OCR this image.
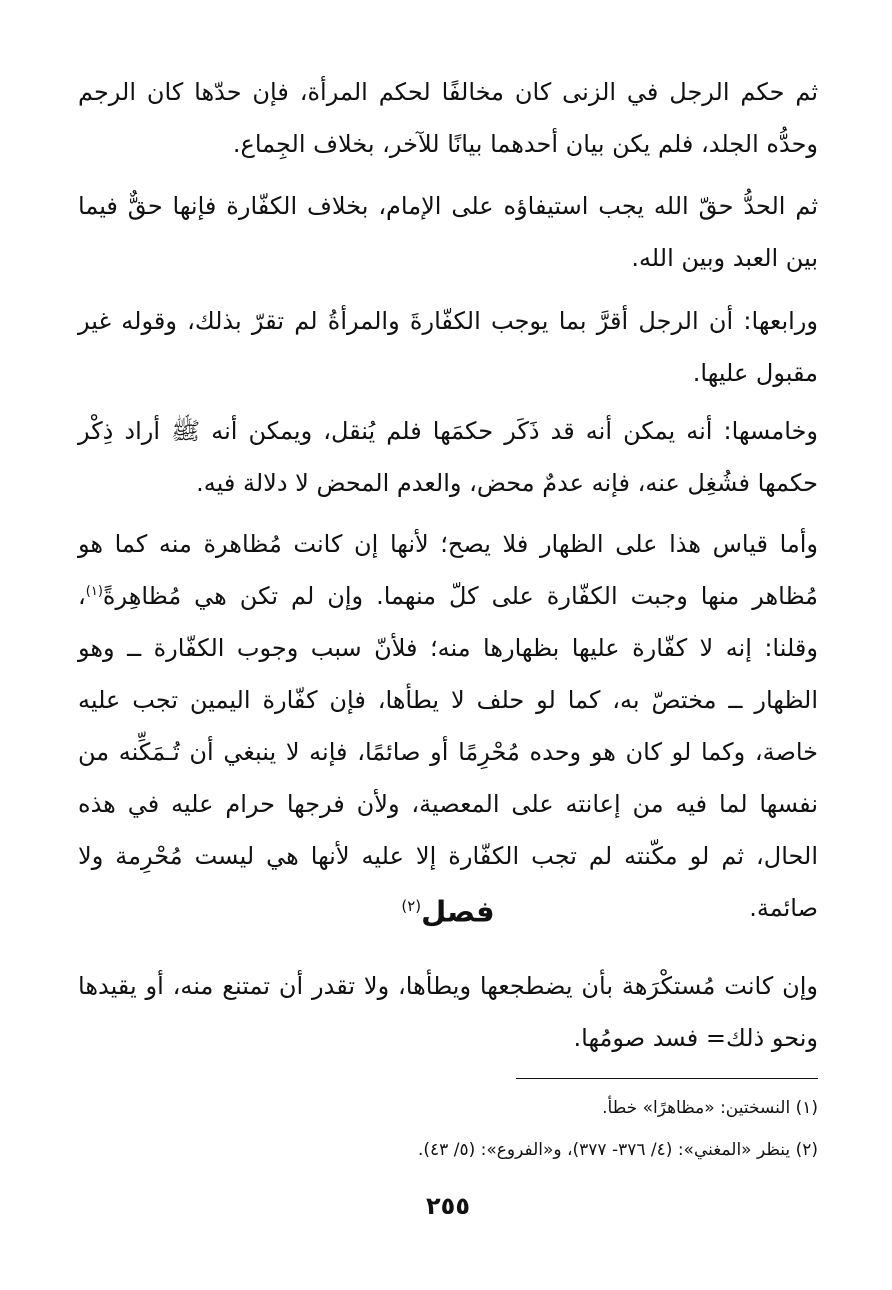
ثم حكم الرجل في الزنى كان مخالفًا لحكم المرأة، فإن حدّها كان الرجم وحدُّه الجلد، فلم يكن بيان أحدهما بيانًا للآخر، بخلاف الجِماع.

ثم الحدُّ حقّ الله يجب استيفاؤه على الإمام، بخلاف الكفّارة فإنها حقٌّ فيما بين العبد وبين الله.

ورابعها: أن الرجل أقرَّ بما يوجب الكفّارةَ والمرأةُ لم تقرّ بذلك، وقوله غير مقبول عليها.

وخامسها: أنه يمكن أنه قد ذَكَر حكمَها فلم يُنقل، ويمكن أنه ﷺ أراد ذِكْر حكمها فشُغِل عنه، فإنه عدمٌ محض، والعدم المحض لا دلالة فيه.

وأما قياس هذا على الظهار فلا يصح؛ لأنها إن كانت مُظاهرة منه كما هو مُظاهر منها وجبت الكفّارة على كلّ منهما. وإن لم تكن هي مُظاهِرةً$^{(١)}$، وقلنا: إنه لا كفّارة عليها بظهارها منه؛ فلأنّ سبب وجوب الكفّارة ــ وهو الظهار ــ مختصّ به، كما لو حلف لا يطأها، فإن كفّارة اليمين تجب عليه خاصة، وكما لو كان هو وحده مُحْرِمًا أو صائمًا، فإنه لا ينبغي أن تُـمَكِّنه من نفسها لما فيه من إعانته على المعصية، ولأن فرجها حرام عليه في هذه الحال، ثم لو مكّنته لم تجب الكفّارة إلا عليه لأنها هي ليست مُحْرِمة ولا صائمة.

فصل$^{(٢)}$

وإن كانت مُستكْرَهة بأن يضطجعها ويطأها، ولا تقدر أن تمتنع منه، أو يقيدها ونحو ذلك= فسد صومُها.

(١) النسختين: «مظاهرًا» خطأ.
(٢) ينظر «المغني»: (٤/ ٣٧٦- ٣٧٧)، و«الفروع»: (٥/ ٤٣).
٢٥٥
